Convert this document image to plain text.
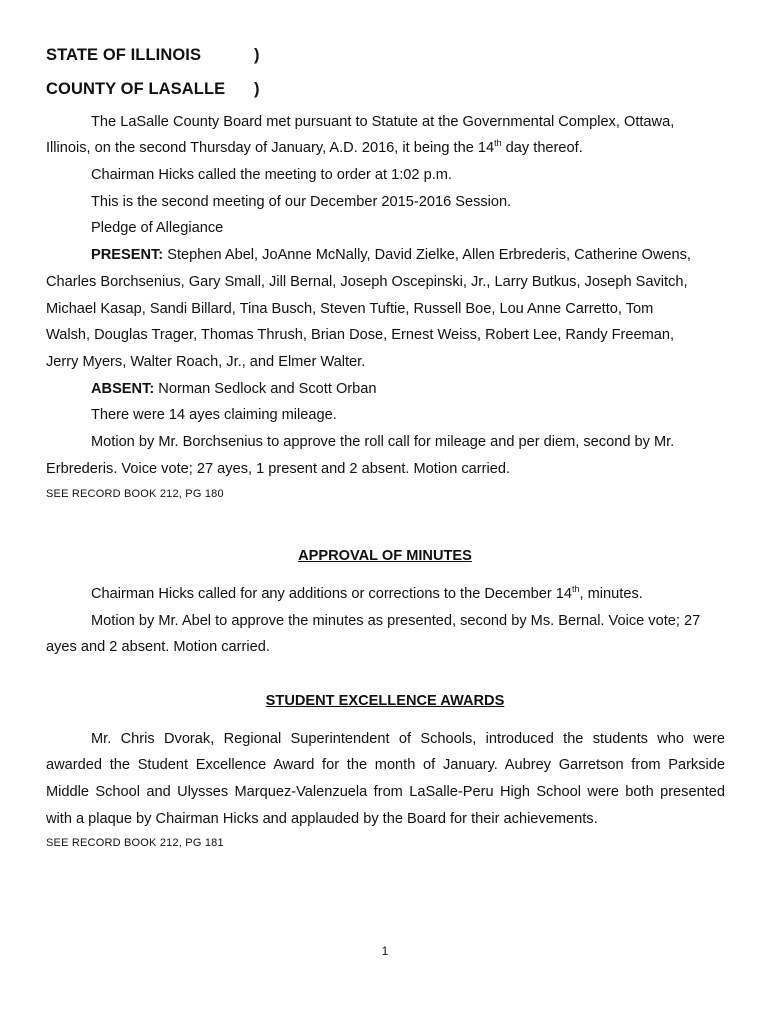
STATE OF ILLINOIS	)
COUNTY OF LASALLE )
The LaSalle County Board met pursuant to Statute at the Governmental Complex, Ottawa,
Illinois, on the second Thursday of January, A.D. 2016, it being the 14th day thereof.
Chairman Hicks called the meeting to order at 1:02 p.m.
This is the second meeting of our December 2015-2016 Session.
Pledge of Allegiance
PRESENT: Stephen Abel, JoAnne McNally, David Zielke, Allen Erbrederis, Catherine Owens,
Charles Borchsenius, Gary Small, Jill Bernal, Joseph Oscepinski, Jr., Larry Butkus, Joseph Savitch,
Michael Kasap, Sandi Billard, Tina Busch, Steven Tuftie, Russell Boe, Lou Anne Carretto, Tom
Walsh, Douglas Trager, Thomas Thrush, Brian Dose, Ernest Weiss, Robert Lee, Randy Freeman,
Jerry Myers, Walter Roach, Jr., and Elmer Walter.
ABSENT: Norman Sedlock and Scott Orban
There were 14 ayes claiming mileage.
Motion by Mr. Borchsenius to approve the roll call for mileage and per diem, second by Mr.
Erbrederis. Voice vote; 27 ayes, 1 present and 2 absent. Motion carried.
SEE RECORD BOOK 212, PG 180
APPROVAL OF MINUTES
Chairman Hicks called for any additions or corrections to the December 14th, minutes.
Motion by Mr. Abel to approve the minutes as presented, second by Ms. Bernal. Voice vote; 27
ayes and 2 absent. Motion carried.
STUDENT EXCELLENCE AWARDS
Mr. Chris Dvorak, Regional Superintendent of Schools, introduced the students who were
awarded the Student Excellence Award for the month of January. Aubrey Garretson from Parkside
Middle School and Ulysses Marquez-Valenzuela from LaSalle-Peru High School were both presented
with a plaque by Chairman Hicks and applauded by the Board for their achievements.
SEE RECORD BOOK 212, PG 181
1
